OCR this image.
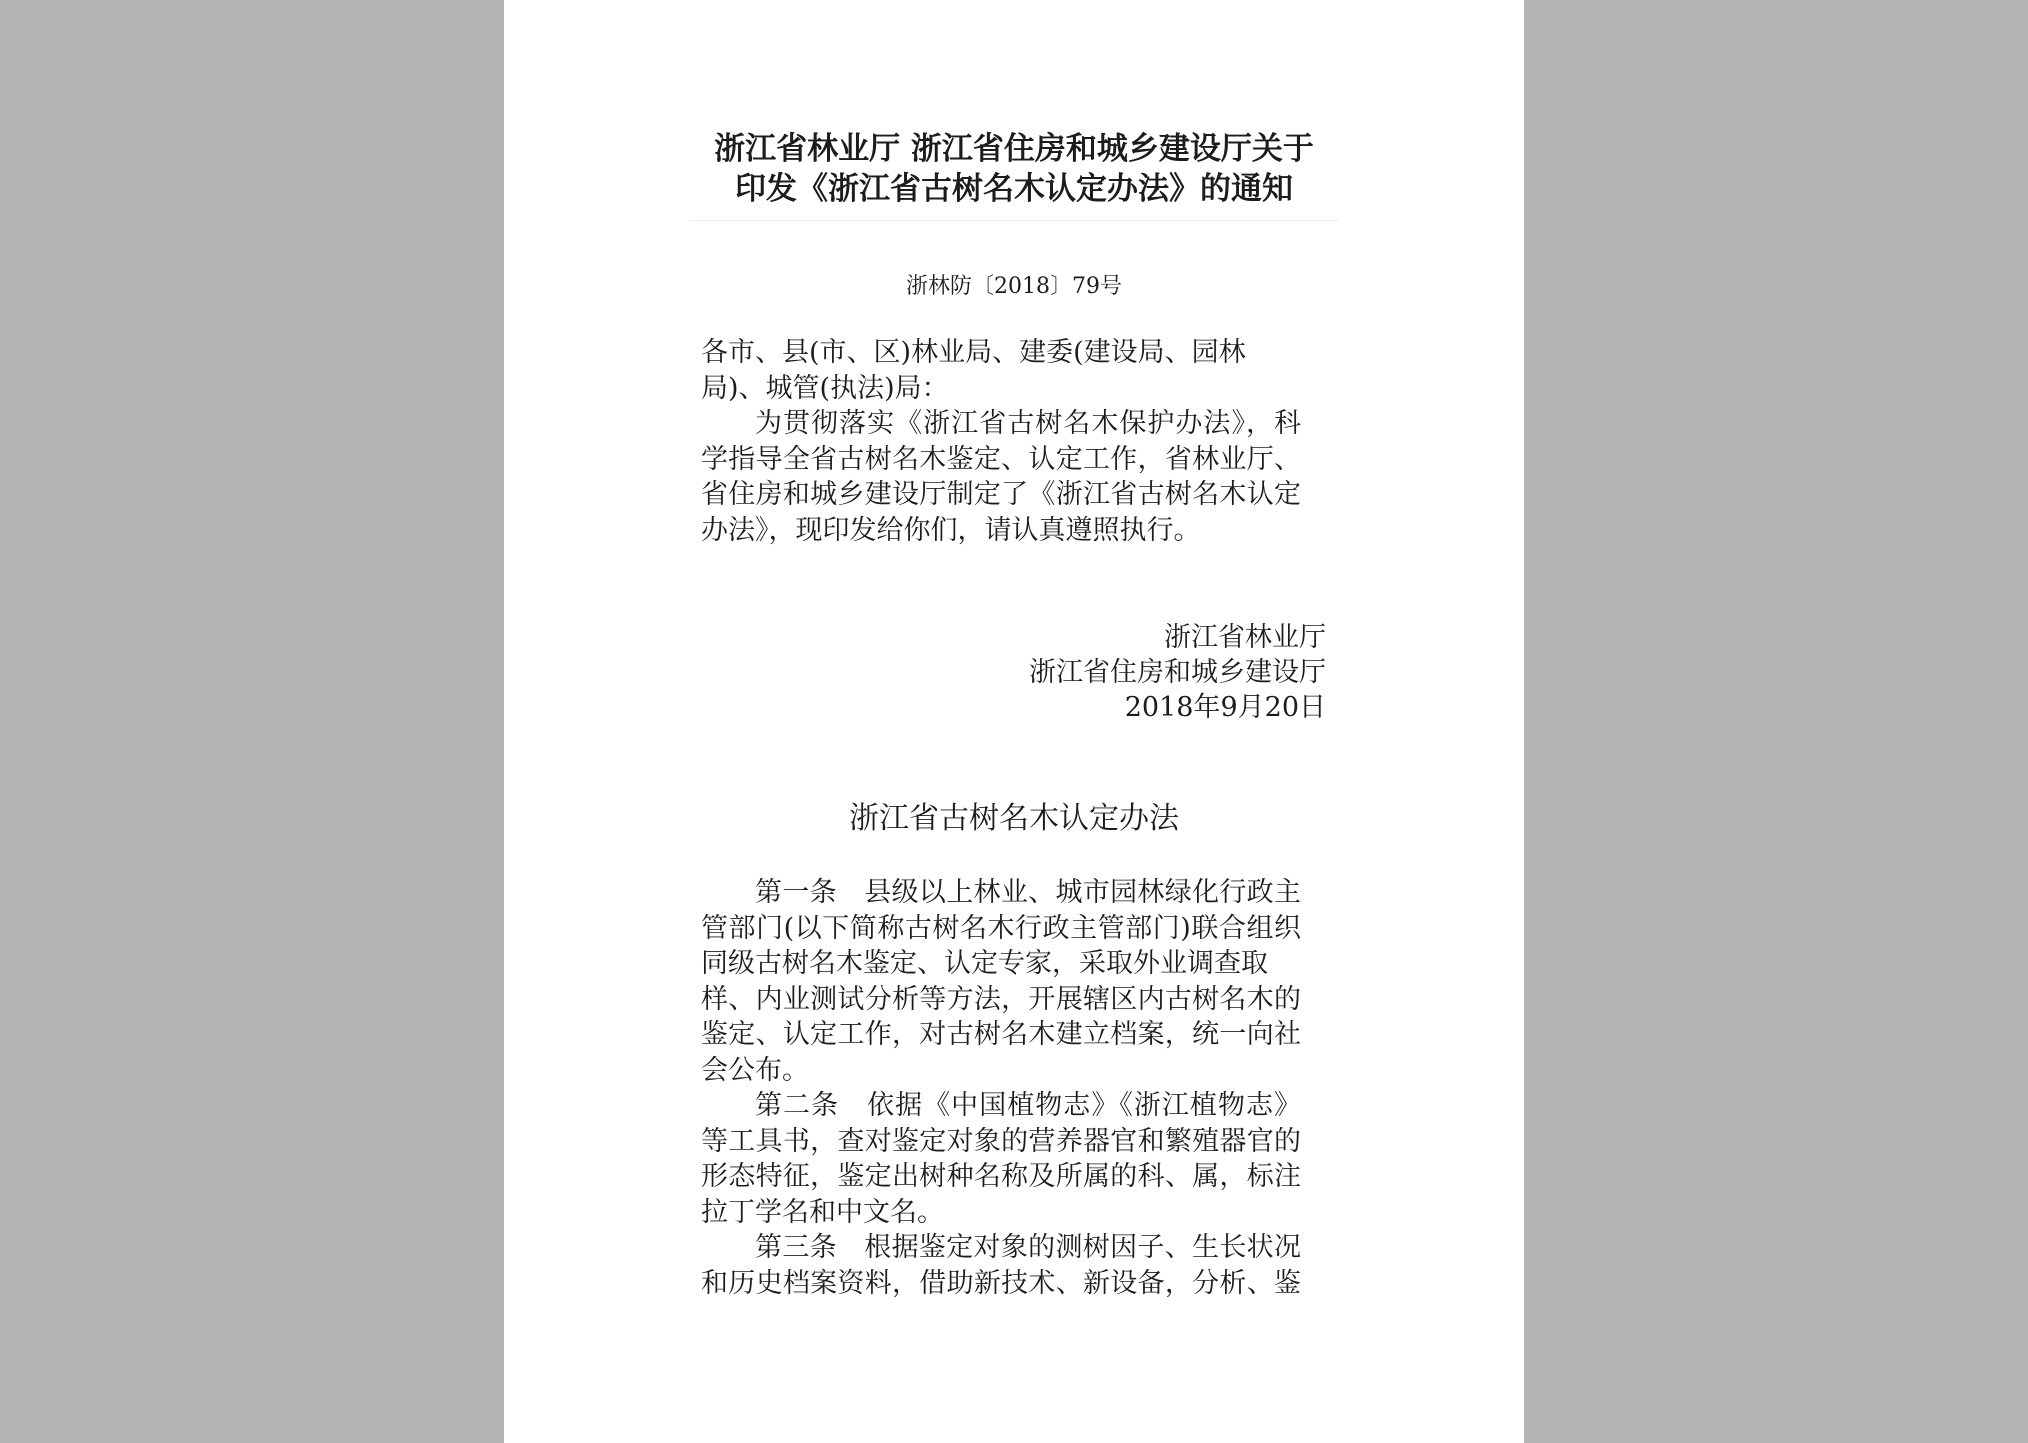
浙江省林业厅 浙江省住房和城乡建设厅关于
印发《浙江省古树名木认定办法》的通知
浙林防〔2018〕79号
各市、县(市、区)林业局、建委(建设局、园林
局)、城管(执法)局：
为贯彻落实《浙江省古树名木保护办法》，科
学指导全省古树名木鉴定、认定工作，省林业厅、
省住房和城乡建设厅制定了《浙江省古树名木认定
办法》，现印发给你们，请认真遵照执行。
浙江省林业厅
浙江省住房和城乡建设厅
2018年9月20日
浙江省古树名木认定办法
第一条　县级以上林业、城市园林绿化行政主
管部门(以下简称古树名木行政主管部门)联合组织
同级古树名木鉴定、认定专家，采取外业调查取
样、内业测试分析等方法，开展辖区内古树名木的
鉴定、认定工作，对古树名木建立档案，统一向社
会公布。
第二条　依据《中国植物志》《浙江植物志》
等工具书，查对鉴定对象的营养器官和繁殖器官的
形态特征，鉴定出树种名称及所属的科、属，标注
拉丁学名和中文名。
第三条　根据鉴定对象的测树因子、生长状况
和历史档案资料，借助新技术、新设备，分析、鉴
